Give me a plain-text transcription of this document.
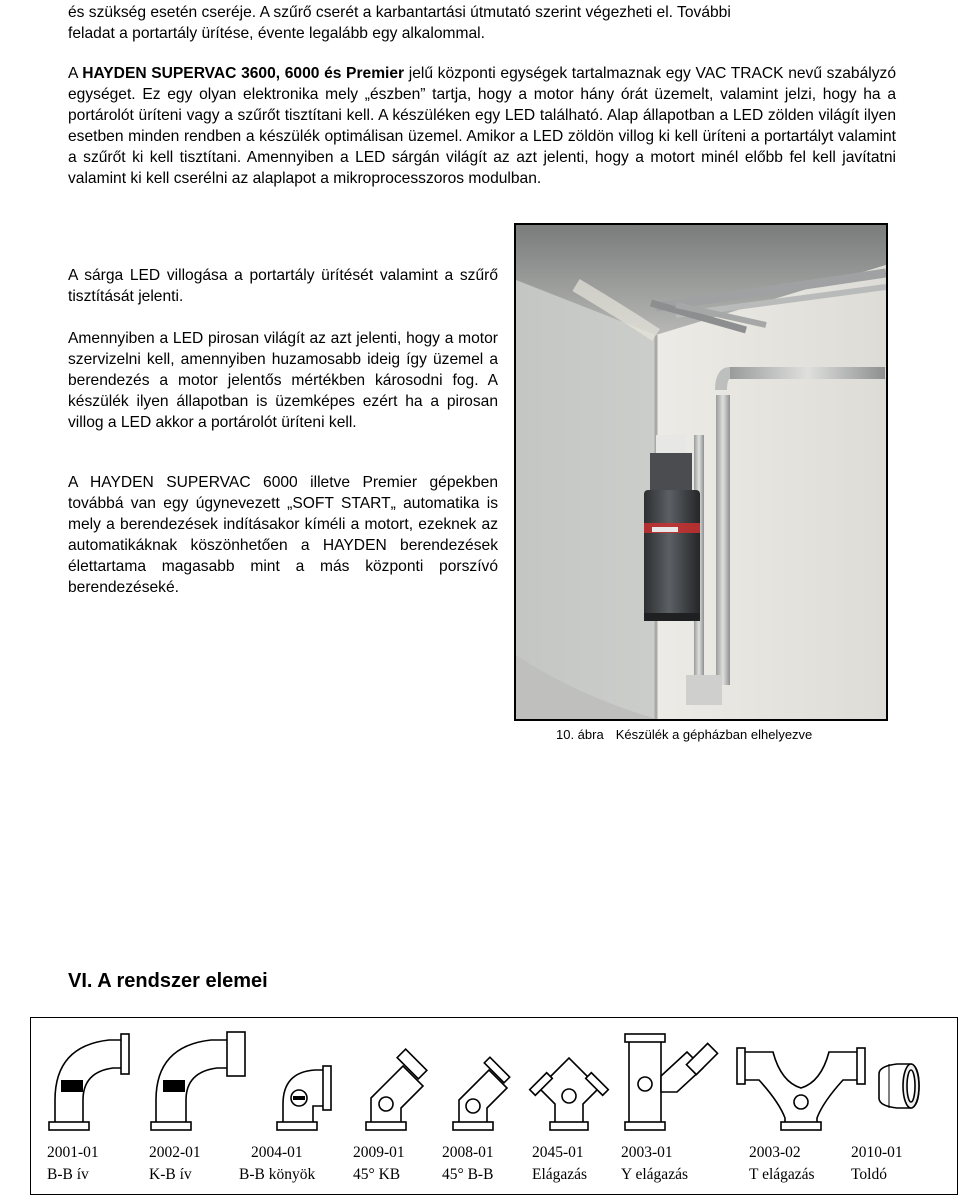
és szükség esetén cseréje. A szűrő cserét a karbantartási útmutató szerint végezheti el. További
feladat a portartály ürítése, évente legalább egy alkalommal.

A HAYDEN SUPERVAC 3600, 6000 és Premier jelű központi egységek tartalmaznak egy VAC TRACK nevű szabályzó egységet. Ez egy olyan elektronika mely „észben” tartja, hogy a motor hány órát üzemelt, valamint jelzi, hogy ha a portárolót üríteni vagy a szűrőt tisztítani kell. A készüléken egy LED található. Alap állapotban a LED zölden világít ilyen esetben minden rendben a készülék optimálisan üzemel. Amikor a LED zöldön villog ki kell üríteni a portartályt valamint a szűrőt ki kell tisztítani. Amennyiben a LED sárgán világít az azt jelenti, hogy a motort minél előbb fel kell javítatni valamint ki kell cserélni az alaplapot a mikroprocesszoros modulban.

A sárga LED villogása a portartály ürítését valamint a szűrő tisztítását jelenti.

Amennyiben a LED pirosan világít az azt jelenti, hogy a motor szervizelni kell, amennyiben huzamosabb ideig így üzemel a berendezés a motor jelentős mértékben károsodni fog. A készülék ilyen állapotban is üzemképes ezért ha a pirosan villog a LED akkor a portárolót üríteni kell.

A HAYDEN SUPERVAC 6000 illetve Premier gépekben továbbá van egy úgynevezett „SOFT START„ automatika is mely a berendezések indításakor kíméli a motort, ezeknek az automatikáknak köszönhetően a HAYDEN berendezések élettartama magasabb mint a más központi porszívó berendezéseké.

10. ábra Készülék a gépházban elhelyezve
VI. A rendszer elemei
2001-01
B-B ív
2002-01
K-B ív
2004-01
B-B könyök
2009-01
45° KB
2008-01
45° B-B
2045-01
Elágazás
2003-01
Y elágazás
2003-02
T elágazás
2010-01
Toldó
